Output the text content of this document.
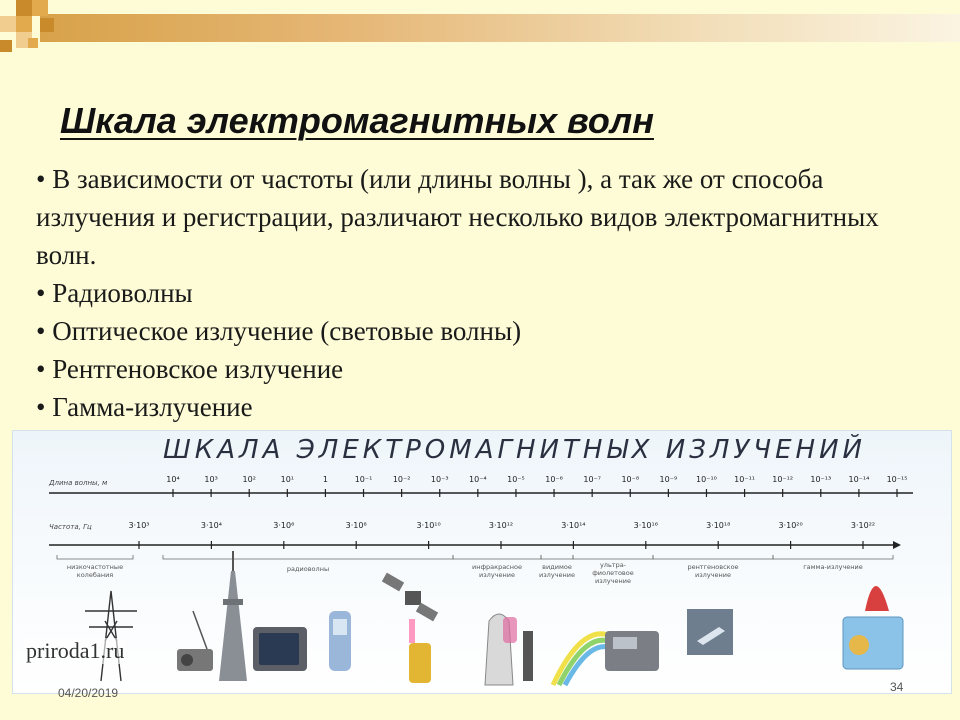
Шкала электромагнитных волн

• В зависимости от частоты (или длины волны ), а так же от способа излучения и регистрации, различают несколько видов электромагнитных волн.

• Радиоволны

• Оптическое излучение (световые волны)

• Рентгеновское излучение

• Гамма-излучение

ШКАЛА ЭЛЕКТРОМАГНИТНЫХ ИЗЛУЧЕНИЙ
Длина волны, м
Частота, Гц
10⁴	10³	10²	10¹	1	10⁻¹	10⁻²	10⁻³	10⁻⁴	10⁻⁵	10⁻⁶	10⁻⁷	10⁻⁸	10⁻⁹ 10⁻¹⁰ 10⁻¹¹ 10⁻¹² 10⁻¹³ 10⁻¹⁴ 10⁻¹⁵
3·10³	3·10⁴	3·10⁶	3·10⁸	3·10¹⁰	3·10¹²	3·10¹⁴	3·10¹⁶	3·10¹⁸	3·10²⁰	3·10²²
низкочастотные колебания
радиоволны	инфракрасное излучение
видимое излучение
ультра-фиолетовое излучение
рентгеновское излучение
гамма-излучение
priroda1.ru
04/20/2019	34
